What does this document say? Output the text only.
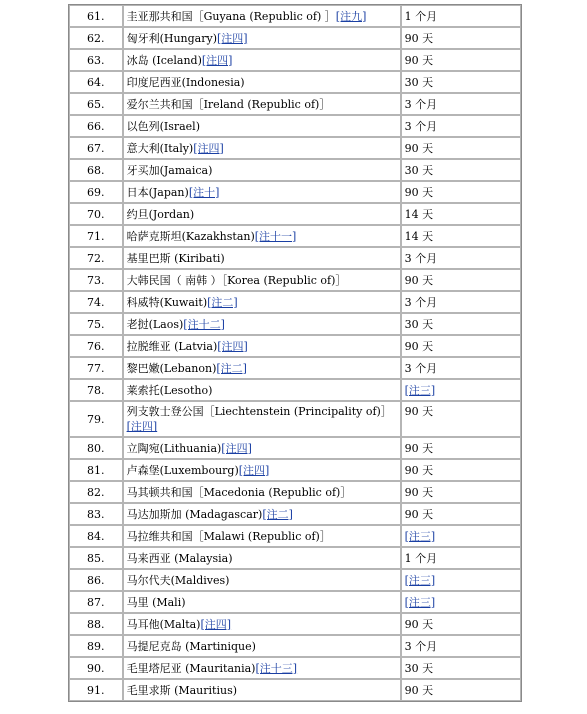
61.	圭亚那共和国［Guyana (Republic of) ］[注九]	1 个月
62.	匈牙利(Hungary)[注四]	90 天
63.	冰岛 (Iceland)[注四]	90 天
64.	印度尼西亚(Indonesia)	30 天
65.	爱尔兰共和国［Ireland (Republic of)］	3 个月
66.	以色列(Israel)	3 个月
67.	意大利(Italy)[注四]	90 天
68.	牙买加(Jamaica)	30 天
69.	日本(Japan)[注十]	90 天
70.	约旦(Jordan)	14 天
71.	哈萨克斯坦(Kazakhstan)[注十一]	14 天
72.	基里巴斯 (Kiribati)	3 个月
73.	大韩民国（ 南韩 ）［Korea (Republic of)］	90 天
74.	科威特(Kuwait)[注二]	3 个月
75.	老挝(Laos)[注十二]	30 天
76.	拉脱维亚 (Latvia)[注四]	90 天
77.	黎巴嫩(Lebanon)[注二]	3 个月
78.	莱索托(Lesotho)	[注三]
79.	列支敦士登公国［Liechtenstein (Principality of)］[注四]	90 天
80.	立陶宛(Lithuania)[注四]	90 天
81.	卢森堡(Luxembourg)[注四]	90 天
82.	马其顿共和国［Macedonia (Republic of)］	90 天
83.	马达加斯加 (Madagascar)[注二]	90 天
84.	马拉维共和国［Malawi (Republic of)］	[注三]
85.	马来西亚 (Malaysia)	1 个月
86.	马尔代夫(Maldives)	[注三]
87.	马里 (Mali)	[注三]
88.	马耳他(Malta)[注四]	90 天
89.	马提尼克岛 (Martinique)	3 个月
90.	毛里塔尼亚 (Mauritania)[注十三]	30 天
91.	毛里求斯 (Mauritius)	90 天
